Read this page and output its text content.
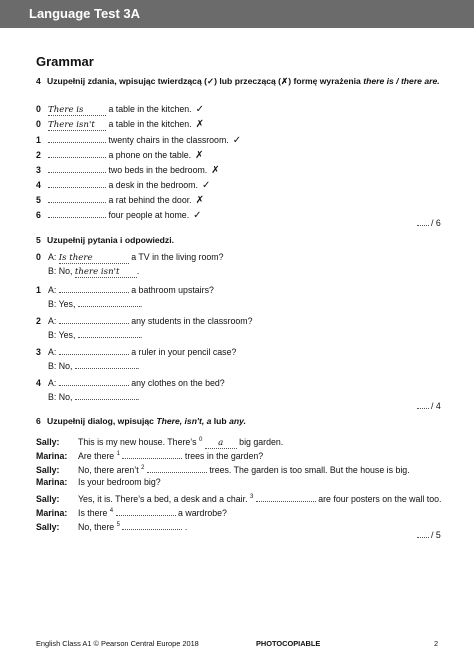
Language Test 3A
Grammar
4 Uzupełnij zdania, wpisując twierdzącą (✓) lub przeczącą (✗) formę wyrażenia there is / there are.
0 There is	a table in the kitchen. ✓
0 There isn't a table in the kitchen. ✗
1	twenty chairs in the classroom. ✓
2	a phone on the table. ✗
3	two beds in the bedroom. ✗
4	a desk in the bedroom. ✓
5	a rat behind the door. ✗
6	four people at home. ✓
/ 6
5 Uzupełnij pytania i odpowiedzi.
0 A: Is there	a TV in the living room?
B: No, there isn't .
1 A:	a bathroom upstairs?
B: Yes,	.
2 A:	any students in the classroom?
B: Yes,	.
3 A:	a ruler in your pencil case?
B: No,	.
4 A:	any clothes on the bed?
B: No,	.
/ 4
6 Uzupełnij dialog, wpisując There, isn't, a lub any.
Sally: This is my new house. There’s $^0$ a big garden.
Marina: Are there $^1$	trees in the garden?
Sally: No, there aren’t $^2$	trees. The garden is too small. But the house is big.
Marina: Is your bedroom big?
Sally: Yes, it is. There’s a bed, a desk and a chair. $^3$	are four posters on the wall too.
Marina: Is there $^4$	a wardrobe?
Sally: No, there $^5$	.
/ 5
English Class A1 © Pearson Central Europe 2018	PHOTOCOPIABLE	2
